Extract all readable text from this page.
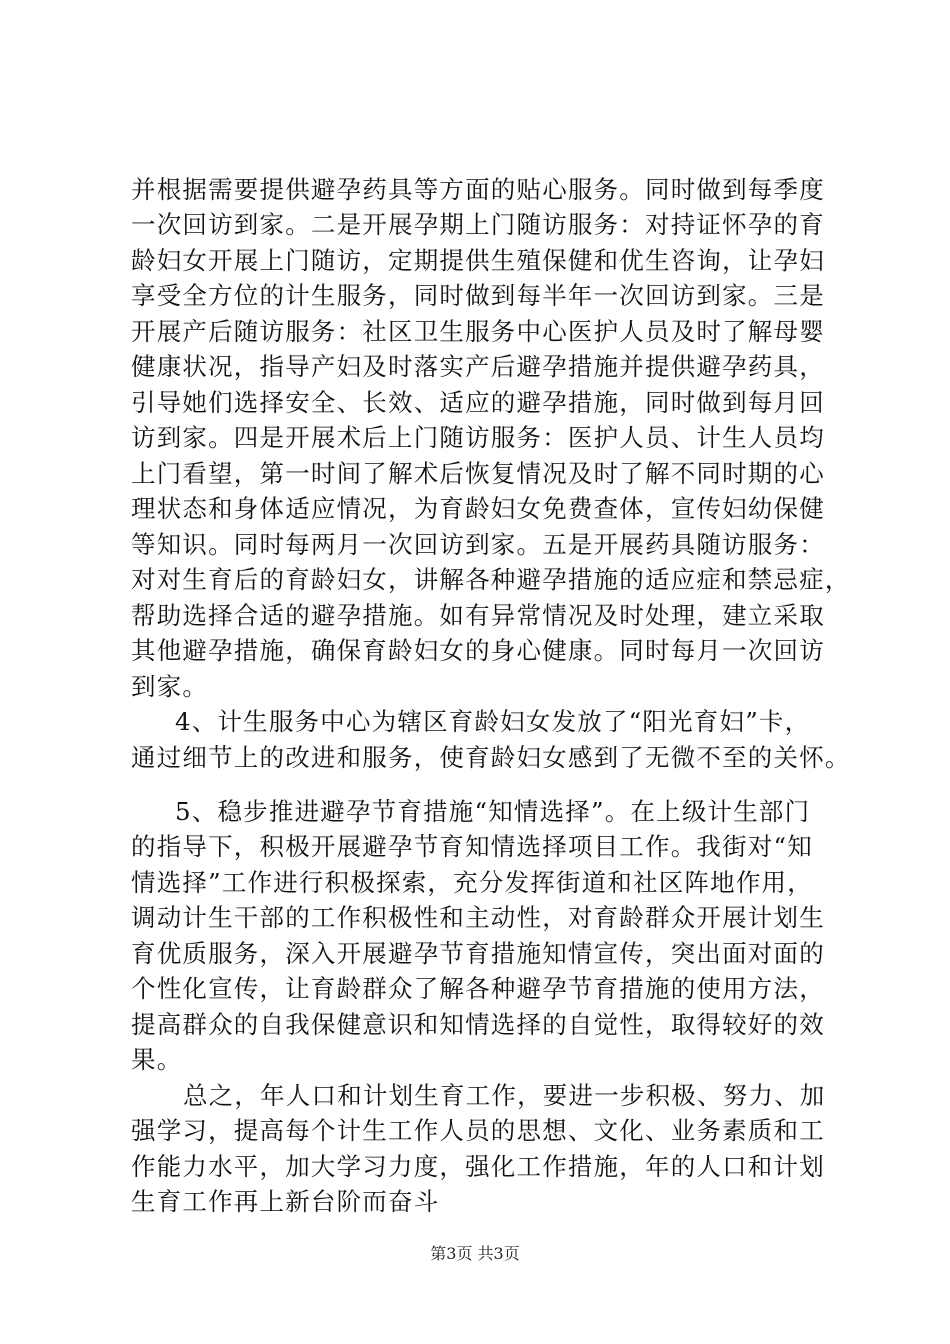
并根据需要提供避孕药具等方面的贴心服务。同时做到每季度
一次回访到家。二是开展孕期上门随访服务：对持证怀孕的育
龄妇女开展上门随访，定期提供生殖保健和优生咨询，让孕妇
享受全方位的计生服务，同时做到每半年一次回访到家。三是
开展产后随访服务：社区卫生服务中心医护人员及时了解母婴
健康状况，指导产妇及时落实产后避孕措施并提供避孕药具，
引导她们选择安全、长效、适应的避孕措施，同时做到每月回
访到家。四是开展术后上门随访服务：医护人员、计生人员均
上门看望，第一时间了解术后恢复情况及时了解不同时期的心
理状态和身体适应情况，为育龄妇女免费查体，宣传妇幼保健
等知识。同时每两月一次回访到家。五是开展药具随访服务：
对对生育后的育龄妇女，讲解各种避孕措施的适应症和禁忌症，
帮助选择合适的避孕措施。如有异常情况及时处理，建立采取
其他避孕措施，确保育龄妇女的身心健康。同时每月一次回访
到家。
4、计生服务中心为辖区育龄妇女发放了“阳光育妇”卡，
通过细节上的改进和服务，使育龄妇女感到了无微不至的关怀。
5、稳步推进避孕节育措施“知情选择”。在上级计生部门
的指导下，积极开展避孕节育知情选择项目工作。我街对“知
情选择”工作进行积极探索，充分发挥街道和社区阵地作用，
调动计生干部的工作积极性和主动性，对育龄群众开展计划生
育优质服务，深入开展避孕节育措施知情宣传，突出面对面的
个性化宣传，让育龄群众了解各种避孕节育措施的使用方法，
提高群众的自我保健意识和知情选择的自觉性，取得较好的效
果。
总之，年人口和计划生育工作，要进一步积极、努力、加
强学习，提高每个计生工作人员的思想、文化、业务素质和工
作能力水平，加大学习力度，强化工作措施，年的人口和计划
生育工作再上新台阶而奋斗
第3页 共3页
